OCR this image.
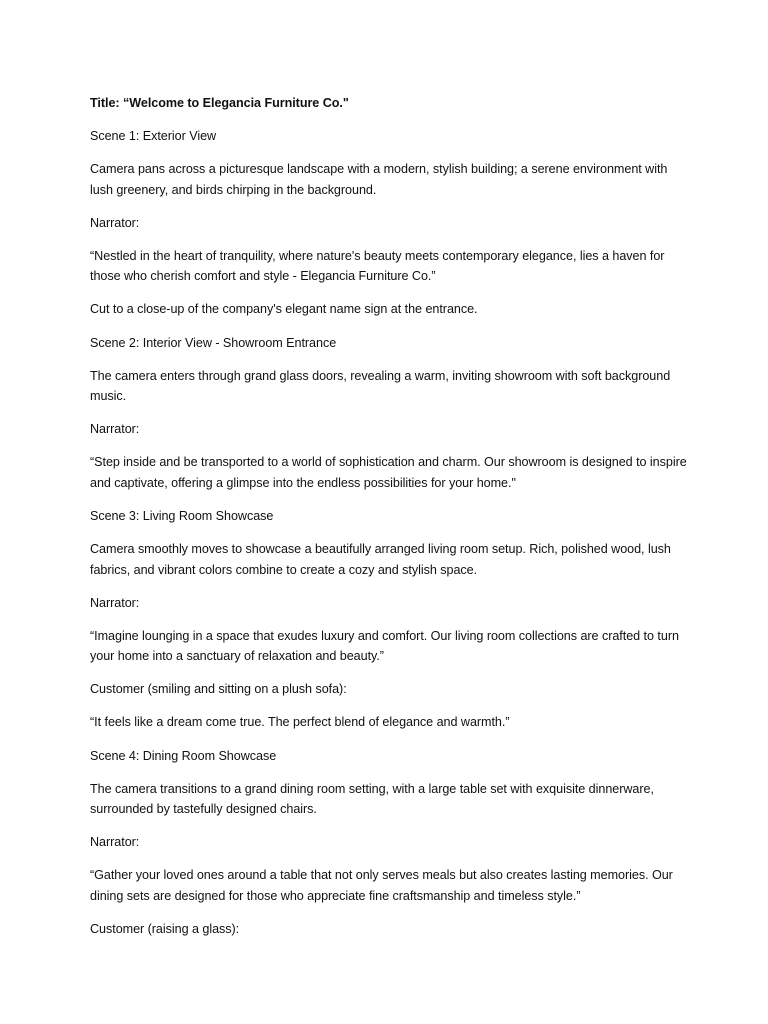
Title: “Welcome to Elegancia Furniture Co."

Scene 1: Exterior View

Camera pans across a picturesque landscape with a modern, stylish building; a serene environment with lush greenery, and birds chirping in the background.

Narrator:

“Nestled in the heart of tranquility, where nature's beauty meets contemporary elegance, lies a haven for those who cherish comfort and style - Elegancia Furniture Co.”

Cut to a close-up of the company's elegant name sign at the entrance.

Scene 2: Interior View - Showroom Entrance

The camera enters through grand glass doors, revealing a warm, inviting showroom with soft background music.

Narrator:

“Step inside and be transported to a world of sophistication and charm. Our showroom is designed to inspire and captivate, offering a glimpse into the endless possibilities for your home."

Scene 3: Living Room Showcase

Camera smoothly moves to showcase a beautifully arranged living room setup. Rich, polished wood, lush fabrics, and vibrant colors combine to create a cozy and stylish space.

Narrator:

“Imagine lounging in a space that exudes luxury and comfort. Our living room collections are crafted to turn your home into a sanctuary of relaxation and beauty.”

Customer (smiling and sitting on a plush sofa):

“It feels like a dream come true. The perfect blend of elegance and warmth.”

Scene 4: Dining Room Showcase

The camera transitions to a grand dining room setting, with a large table set with exquisite dinnerware, surrounded by tastefully designed chairs.

Narrator:

“Gather your loved ones around a table that not only serves meals but also creates lasting memories. Our dining sets are designed for those who appreciate fine craftsmanship and timeless style.”

Customer (raising a glass):
